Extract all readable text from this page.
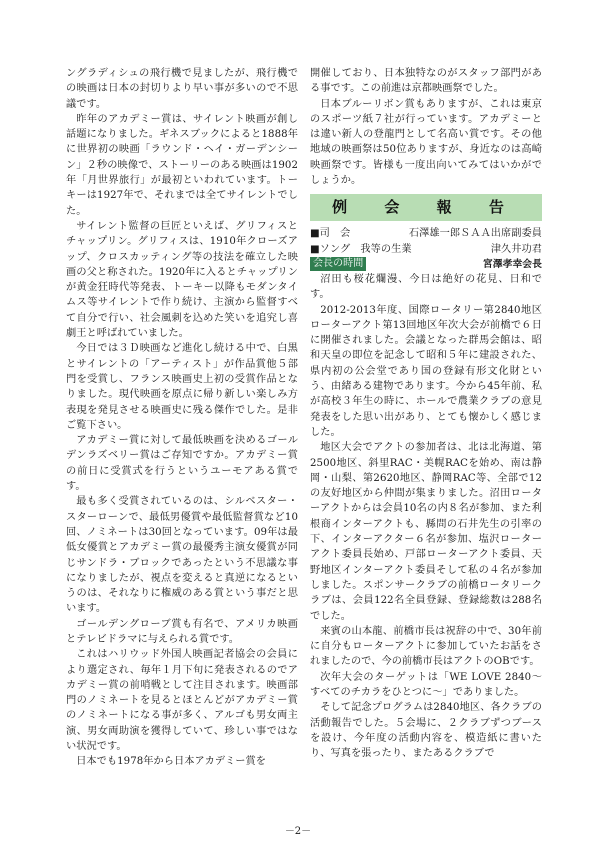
ングラディシュの飛行機で見ましたが、飛行機での映画は日本の封切りより早い事が多いので不思議です。

昨年のアカデミー賞は、サイレント映画が創し話題になりました。ギネスブックによると1888年に世界初の映画「ラウンド・ヘイ・ガーデンシーン」２秒の映像で、ストーリーのある映画は1902年「月世界旅行」が最初といわれています。トーキーは1927年で、それまでは全てサイレントでした。

サイレント監督の巨匠といえば、グリフィスとチャップリン。グリフィスは、1910年クローズアップ、クロスカッティング等の技法を確立した映画の父と称された。1920年に入るとチャップリンが黄金狂時代等発表、トーキー以降もモダンタイムス等サイレントで作り続け、主演から監督すべて自分で行い、社会風刺を込めた笑いを追究し喜劇王と呼ばれていました。

今日では３Ｄ映画など進化し続ける中で、白黒とサイレントの「アーティスト」が作品賞他５部門を受賞し、フランス映画史上初の受賞作品となりました。現代映画を原点に帰り新しい楽しみ方表現を発見させる映画史に残る傑作でした。是非ご覧下さい。

アカデミー賞に対して最低映画を決めるゴールデンラズベリー賞はご存知ですか。アカデミー賞の前日に受賞式を行うというユーモアある賞です。

最も多く受賞されているのは、シルベスター・スターローンで、最低男優賞や最低監督賞など10回、ノミネートは30回となっています。09年は最低女優賞とアカデミー賞の最優秀主演女優賞が同じサンドラ・ブロックであったという不思議な事になりましたが、視点を変えると真逆になるというのは、それなりに権威のある賞という事だと思います。

ゴールデングローブ賞も有名で、アメリカ映画とテレビドラマに与えられる賞です。

これはハリウッド外国人映画記者協会の会員により選定され、毎年１月下旬に発表されるのでアカデミー賞の前哨戦として注目されます。映画部門のノミネートを見るとほとんどがアカデミー賞のノミネートになる事が多く、アルゴも男女両主演、男女両助演を獲得していて、珍しい事ではない状況です。

日本でも1978年から日本アカデミー賞を

開催しており、日本独特なのがスタッフ部門がある事です。この前進は京都映画祭でした。

日本ブルーリボン賞もありますが、これは東京のスポーツ紙７社が行っています。アカデミーとは違い新人の登龍門として名高い賞です。その他地域の映画祭は50位ありますが、身近なのは高崎映画祭です。皆様も一度出向いてみてはいかがでしょうか。

例 会 報 告
■司　会	石澤雄一郎ＳＡＡ出席副委員
■ソング　我等の生業	津久井功君
会長の時間	宮澤孝幸会長

沼田も桜花爛漫、今日は絶好の花見、日和です。

2012-2013年度、国際ロータリー第2840地区ローターアクト第13回地区年次大会が前橋で６日に開催されました。会議となった群馬会館は、昭和天皇の即位を記念して昭和５年に建設された、県内初の公会堂であり国の登録有形文化財という、由緒ある建物であります。今から45年前、私が高校３年生の時に、ホールで農業クラブの意見発表をした思い出があり、とても懐かしく感じました。

地区大会でアクトの参加者は、北は北海道、第2500地区、斜里RAC・美幌RACを始め、南は静岡・山梨、第2620地区、静岡RAC等、全部で12の友好地区から仲間が集まりました。沼田ローターアクトからは会員10名の内８名が参加、また利根商インターアクトも、縣問の石井先生の引率の下、インターアクター６名が参加、塩沢ローターアクト委員長始め、戸部ローターアクト委員、天野地区インターアクト委員そして私の４名が参加しました。スポンサークラブの前橋ロータリークラブは、会員122名全員登録、登録総数は288名でした。

来賓の山本龍、前橋市長は祝辞の中で、30年前に自分もローターアクトに参加していたお話をされましたので、今の前橋市長はアクトのOBです。

次年大会のターゲットは「WE LOVE 2840～すべてのチカラをひとつに～」でありました。

そして記念プログラムは2840地区、各クラブの活動報告でした。５会場に、２クラブずつブースを設け、今年度の活動内容を、模造紙に書いたり、写真を張ったり、またあるクラブで

－2－
